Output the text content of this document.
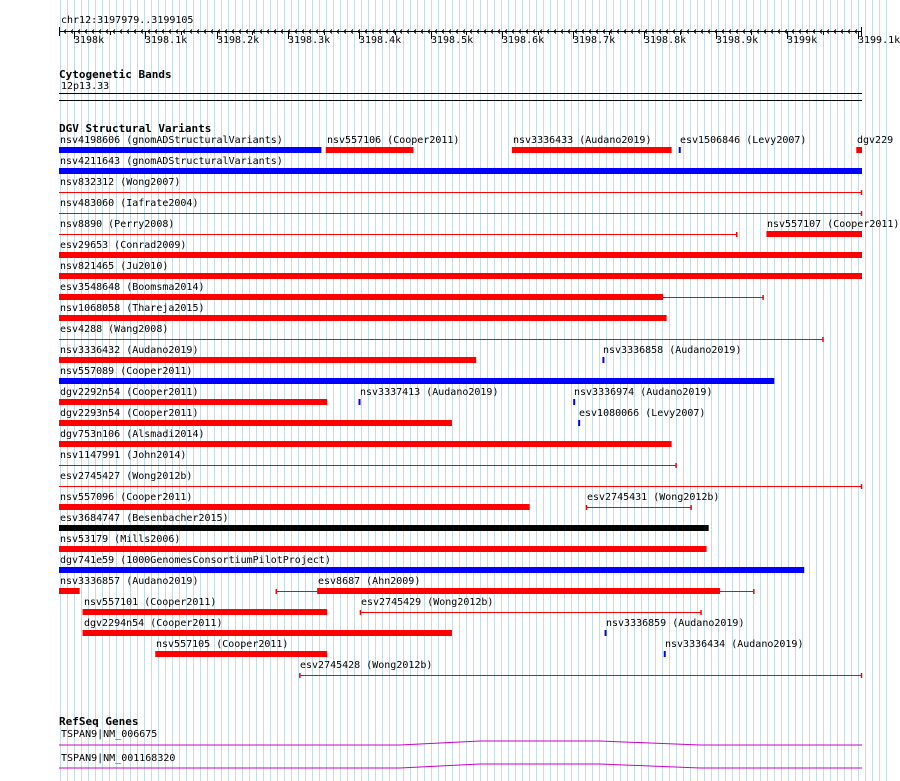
chr12:3197979..3199105
3198k	3198.1k	3198.2k	3198.3k	3198.4k	3198.5k	3198.6k	3198.7k	3198.8k	3198.9k	3199k	3199.1k
Cytogenetic Bands
12p13.33
DGV Structural Variants
nsv4198606 (gnomADStructuralVariants)	nsv557106 (Cooper2011)	nsv3336433 (Audano2019)	esv1506846 (Levy2007)	dgv229
nsv4211643 (gnomADStructuralVariants)
nsv832312 (Wong2007)
nsv483060 (Iafrate2004)
nsv8890 (Perry2008)	nsv557107 (Cooper2011)
esv29653 (Conrad2009)
nsv821465 (Ju2010)
esv3548648 (Boomsma2014)
nsv1068058 (Thareja2015)
esv4288 (Wang2008)
nsv3336432 (Audano2019)	nsv3336858 (Audano2019)
nsv557089 (Cooper2011)
dgv2292n54 (Cooper2011)	nsv3337413 (Audano2019)	nsv3336974 (Audano2019)
dgv2293n54 (Cooper2011)	esv1080066 (Levy2007)
dgv753n106 (Alsmadi2014)
nsv1147991 (John2014)
esv2745427 (Wong2012b)
nsv557096 (Cooper2011)	esv2745431 (Wong2012b)
esv3684747 (Besenbacher2015)
nsv53179 (Mills2006)
dgv741e59 (1000GenomesConsortiumPilotProject)
nsv3336857 (Audano2019)	esv8687 (Ahn2009)
nsv557101 (Cooper2011)	esv2745429 (Wong2012b)
dgv2294n54 (Cooper2011)	nsv3336859 (Audano2019)
nsv557105 (Cooper2011)	nsv3336434 (Audano2019)
esv2745428 (Wong2012b)
RefSeq Genes
TSPAN9|NM_006675
TSPAN9|NM_001168320
